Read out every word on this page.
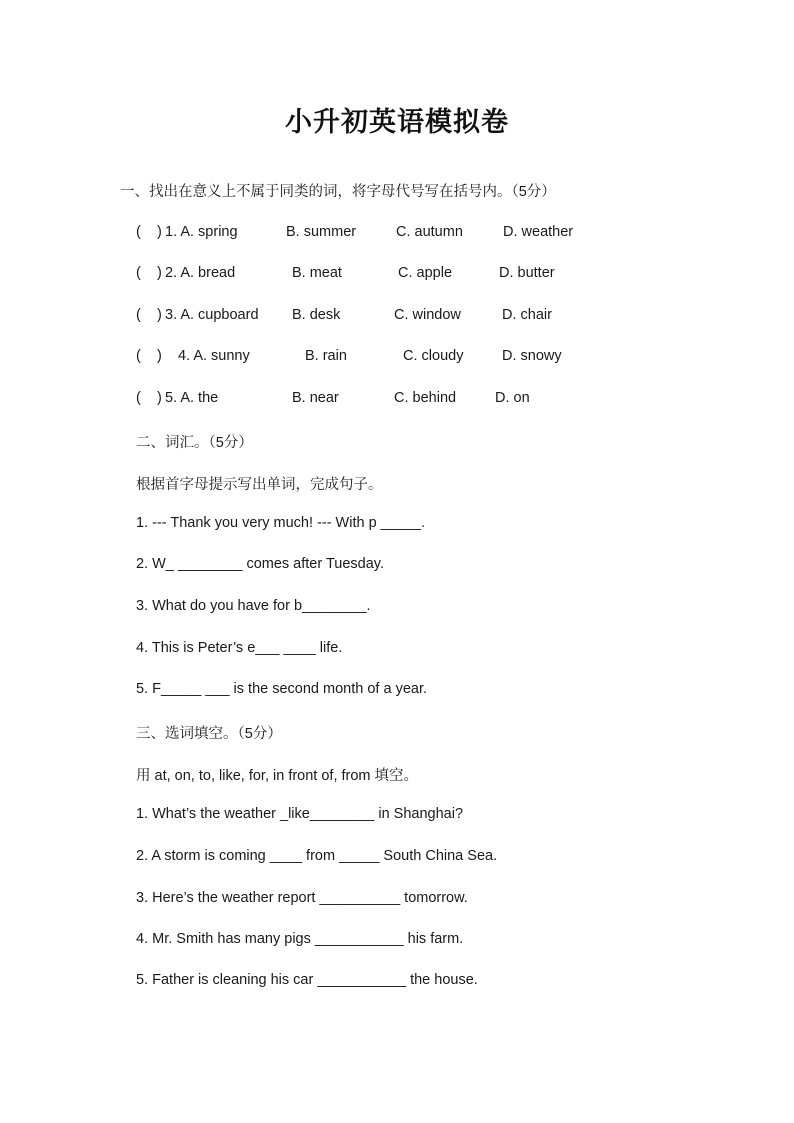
小升初英语模拟卷
一、找出在意义上不属于同类的词，将字母代号写在括号内。（5分）
(    ) 1. A. spring	B. summer	C. autumn	D. weather
(    ) 2. A. bread	B. meat	C. apple	D. butter
(    ) 3. A. cupboard B. desk	C. window	D. chair
(    ) 4. A. sunny	B. rain	C. cloudy	D. snowy
(    ) 5. A. the	B. near	C. behind	D. on
二、词汇。（5分）
根据首字母提示写出单词，完成句子。
1. --- Thank you very much! --- With p _____.
2. W_ ________ comes after Tuesday.
3. What do you have for b________.
4. This is Peter’s e___ ____ life.
5. F_____ ___ is the second month of a year.
三、选词填空。（5分）
用 at, on, to, like, for, in front of, from 填空。
1. What’s the weather _like________ in Shanghai?
2. A storm is coming ____ from _____ South China Sea.
3. Here’s the weather report __________ tomorrow.
4. Mr. Smith has many pigs ___________ his farm.
5. Father is cleaning his car ___________ the house.
